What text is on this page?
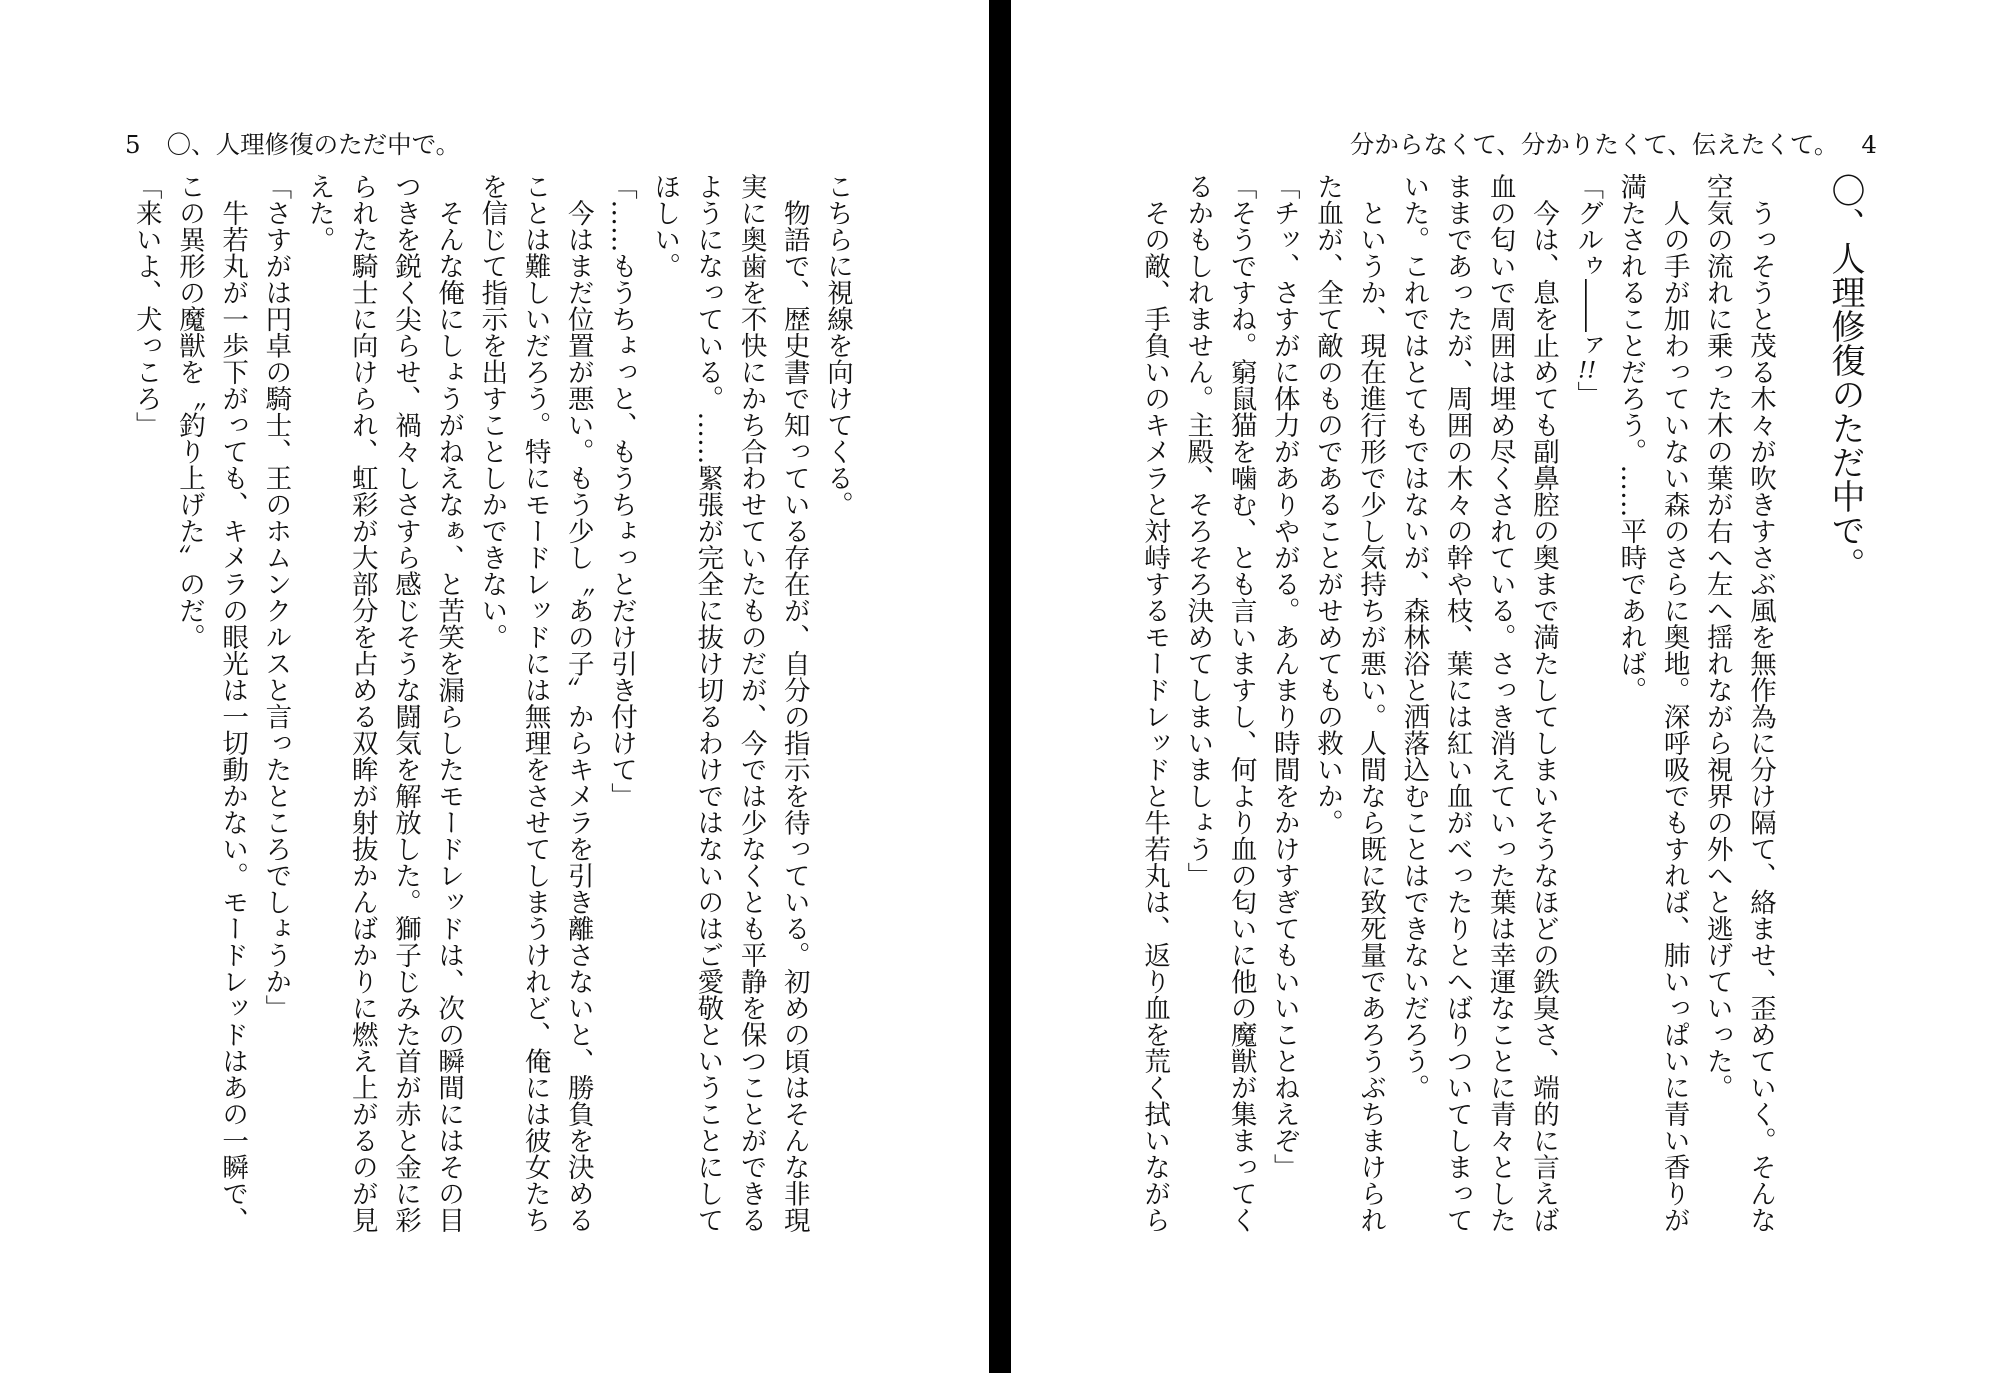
5 〇、人理修復のただ中で。
こちらに視線を向けてくる。
　物語で、歴史書で知っている存在が、自分の指示を待っている。初めの頃はそんな非現
実に奥歯を不快にかち合わせていたものだが、今では少なくとも平静を保つことができる
ようになっている。……緊張が完全に抜け切るわけではないのはご愛敬ということにして
ほしい。
「……もうちょっと、もうちょっとだけ引き付けて」
　今はまだ位置が悪い。もう少し〝あの子〟からキメラを引き離さないと、勝負を決める
ことは難しいだろう。特にモードレッドには無理をさせてしまうけれど、俺には彼女たち
を信じて指示を出すことしかできない。
　そんな俺にしょうがねえなぁ、と苦笑を漏らしたモードレッドは、次の瞬間にはその目
つきを鋭く尖らせ、禍々しさすら感じそうな闘気を解放した。獅子じみた首が赤と金に彩
られた騎士に向けられ、虹彩が大部分を占める双眸が射抜かんばかりに燃え上がるのが見
えた。
「さすがは円卓の騎士、王のホムンクルスと言ったところでしょうか」
　牛若丸が一歩下がっても、キメラの眼光は一切動かない。モードレッドはあの一瞬で、
この異形の魔獣を〝釣り上げた〟のだ。
「来いよ、犬っころ」
分からなくて、分かりたくて、伝えたくて。 4
〇、人理修復のただ中で。
　うっそうと茂る木々が吹きすさぶ風を無作為に分け隔て、絡ませ、歪めていく。そんな
空気の流れに乗った木の葉が右へ左へ揺れながら視界の外へと逃げていった。
　人の手が加わっていない森のさらに奥地。深呼吸でもすれば、肺いっぱいに青い香りが
満たされることだろう。……平時であれば。
「グルゥ――ァ!!」
　今は、息を止めても副鼻腔の奥まで満たしてしまいそうなほどの鉄臭さ、端的に言えば
血の匂いで周囲は埋め尽くされている。さっき消えていった葉は幸運なことに青々とした
ままであったが、周囲の木々の幹や枝、葉には紅い血がべったりとへばりついてしまって
いた。これではとてもではないが、森林浴と洒落込むことはできないだろう。
　というか、現在進行形で少し気持ちが悪い。人間なら既に致死量であろうぶちまけられ
た血が、全て敵のものであることがせめてもの救いか。
「チッ、さすがに体力がありやがる。あんまり時間をかけすぎてもいいことねえぞ」
「そうですね。窮鼠猫を噛む、とも言いますし、何より血の匂いに他の魔獣が集まってく
るかもしれません。主殿、そろそろ決めてしまいましょう」
　その敵、手負いのキメラと対峙するモードレッドと牛若丸は、返り血を荒く拭いながら
